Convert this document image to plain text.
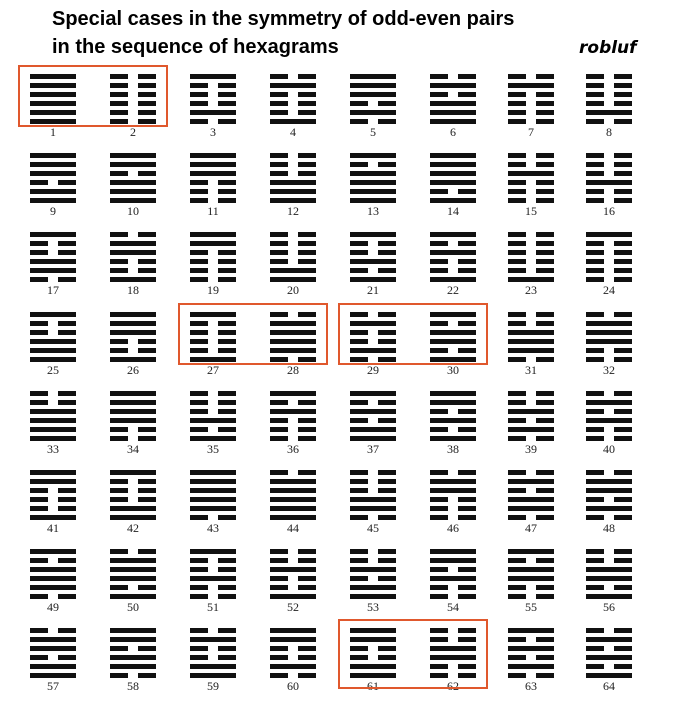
Special cases in the symmetry of odd-even pairs
in the sequence of hexagrams	robluf
1	2	3	4	5	6	7	8
9	10	11	12	13	14	15	16
17	18	19	20	21	22	23	24
25	26	27	28	29	30	31	32
33	34	35	36	37	38	39	40
41	42	43	44	45	46	47	48
49	50	51	52	53	54	55	56
57	58	59	60	61	62	63	64
